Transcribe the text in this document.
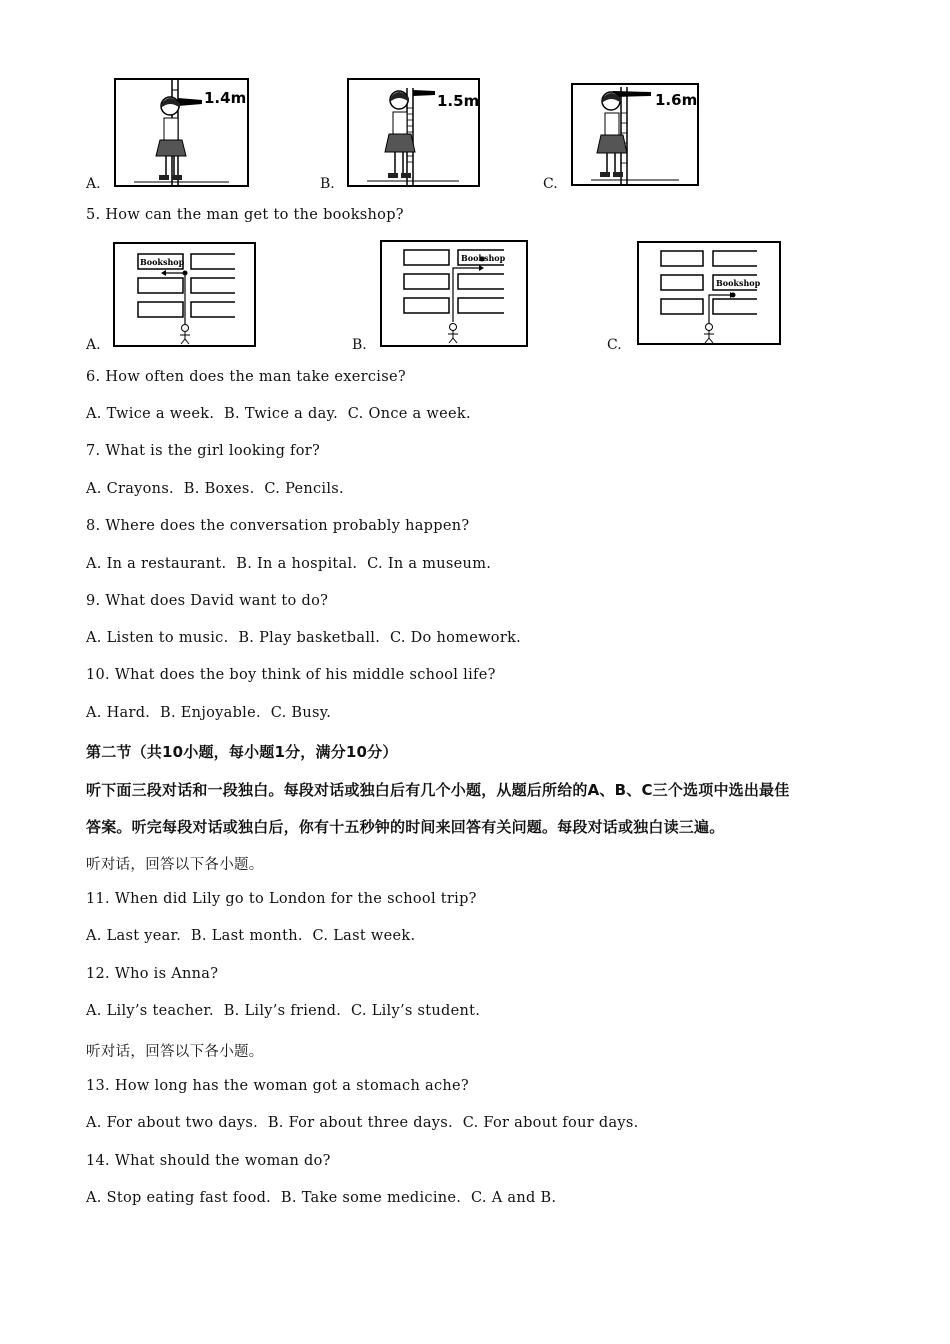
A.
1.4m
B.
1.5m
C.
1.6m
5. How can the man get to the bookshop?
A.
Bookshop
B.
Bookshop
C.
Bookshop
6. How often does the man take exercise?
A. Twice a week.  B. Twice a day.  C. Once a week.
7. What is the girl looking for?
A. Crayons.  B. Boxes.  C. Pencils.
8. Where does the conversation probably happen?
A. In a restaurant.  B. In a hospital.  C. In a museum.
9. What does David want to do?
A. Listen to music.  B. Play basketball.  C. Do homework.
10. What does the boy think of his middle school life?
A. Hard.  B. Enjoyable.  C. Busy.
第二节（共10小题，每小题1分，满分10分）
听下面三段对话和一段独白。每段对话或独白后有几个小题，从题后所给的A、B、C三个选项中选出最佳
答案。听完每段对话或独白后，你有十五秒钟的时间来回答有关问题。每段对话或独白读三遍。
听对话，回答以下各小题。
11. When did Lily go to London for the school trip?
A. Last year.  B. Last month.  C. Last week.
12. Who is Anna?
A. Lily’s teacher.  B. Lily’s friend.  C. Lily’s student.
听对话，回答以下各小题。
13. How long has the woman got a stomach ache?
A. For about two days.  B. For about three days.  C. For about four days.
14. What should the woman do?
A. Stop eating fast food.  B. Take some medicine.  C. A and B.
